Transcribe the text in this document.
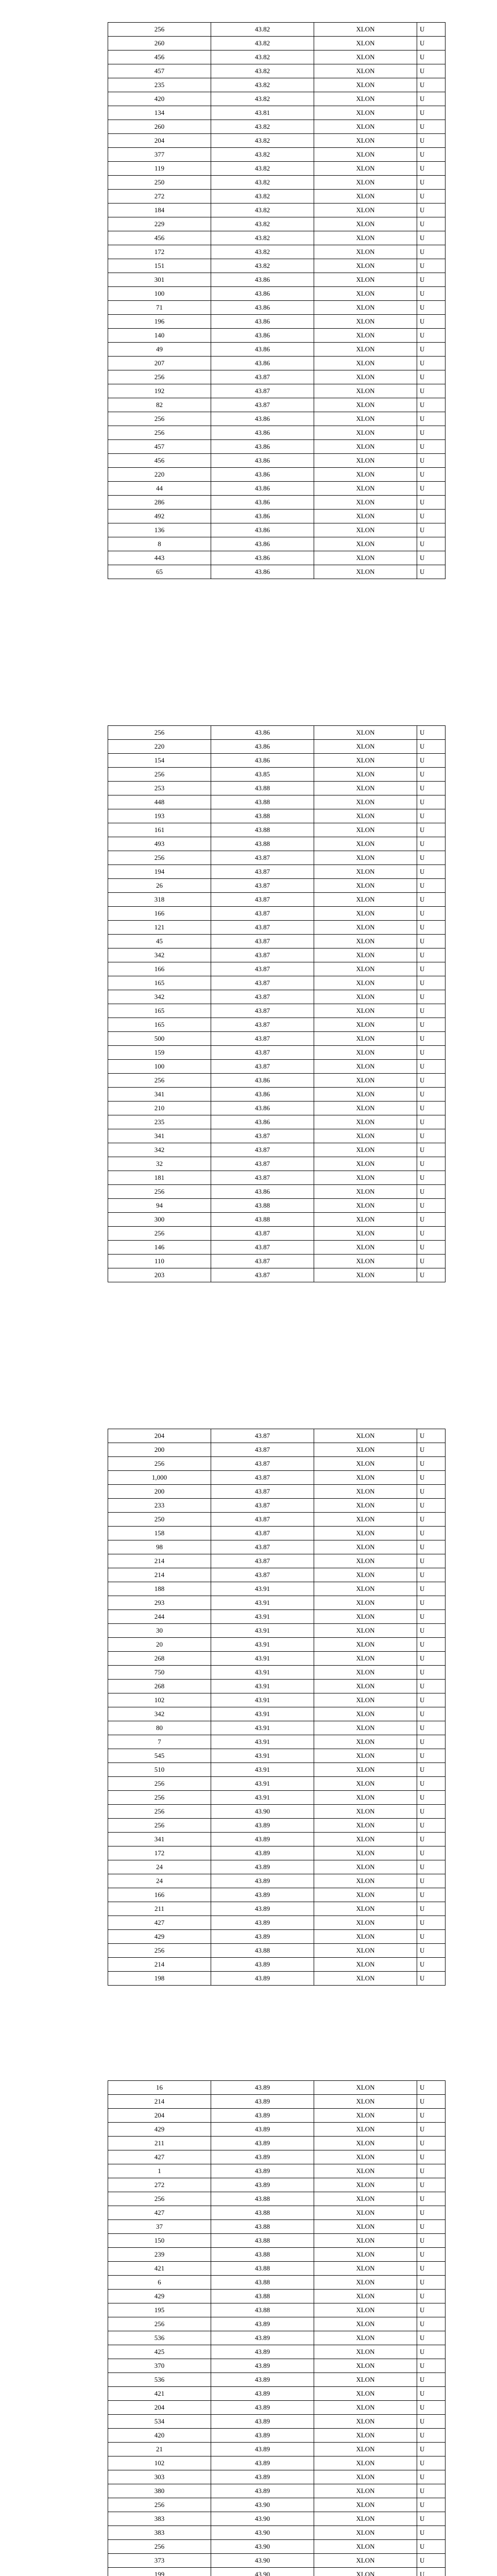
256	43.82	XLON	U
260	43.82	XLON	U
456	43.82	XLON	U
457	43.82	XLON	U
235	43.82	XLON	U
420	43.82	XLON	U
134	43.81	XLON	U
260	43.82	XLON	U
204	43.82	XLON	U
377	43.82	XLON	U
119	43.82	XLON	U
250	43.82	XLON	U
272	43.82	XLON	U
184	43.82	XLON	U
229	43.82	XLON	U
456	43.82	XLON	U
172	43.82	XLON	U
151	43.82	XLON	U
301	43.86	XLON	U
100	43.86	XLON	U
71	43.86	XLON	U
196	43.86	XLON	U
140	43.86	XLON	U
49	43.86	XLON	U
207	43.86	XLON	U
256	43.87	XLON	U
192	43.87	XLON	U
82	43.87	XLON	U
256	43.86	XLON	U
256	43.86	XLON	U
457	43.86	XLON	U
456	43.86	XLON	U
220	43.86	XLON	U
44	43.86	XLON	U
286	43.86	XLON	U
492	43.86	XLON	U
136	43.86	XLON	U
8	43.86	XLON	U
443	43.86	XLON	U
65	43.86	XLON	U
256	43.86	XLON	U
220	43.86	XLON	U
154	43.86	XLON	U
256	43.85	XLON	U
253	43.88	XLON	U
448	43.88	XLON	U
193	43.88	XLON	U
161	43.88	XLON	U
493	43.88	XLON	U
256	43.87	XLON	U
194	43.87	XLON	U
26	43.87	XLON	U
318	43.87	XLON	U
166	43.87	XLON	U
121	43.87	XLON	U
45	43.87	XLON	U
342	43.87	XLON	U
166	43.87	XLON	U
165	43.87	XLON	U
342	43.87	XLON	U
165	43.87	XLON	U
165	43.87	XLON	U
500	43.87	XLON	U
159	43.87	XLON	U
100	43.87	XLON	U
256	43.86	XLON	U
341	43.86	XLON	U
210	43.86	XLON	U
235	43.86	XLON	U
341	43.87	XLON	U
342	43.87	XLON	U
32	43.87	XLON	U
181	43.87	XLON	U
256	43.86	XLON	U
94	43.88	XLON	U
300	43.88	XLON	U
256	43.87	XLON	U
146	43.87	XLON	U
110	43.87	XLON	U
203	43.87	XLON	U
204	43.87	XLON	U
200	43.87	XLON	U
256	43.87	XLON	U
1,000	43.87	XLON	U
200	43.87	XLON	U
233	43.87	XLON	U
250	43.87	XLON	U
158	43.87	XLON	U
98	43.87	XLON	U
214	43.87	XLON	U
214	43.87	XLON	U
188	43.91	XLON	U
293	43.91	XLON	U
244	43.91	XLON	U
30	43.91	XLON	U
20	43.91	XLON	U
268	43.91	XLON	U
750	43.91	XLON	U
268	43.91	XLON	U
102	43.91	XLON	U
342	43.91	XLON	U
80	43.91	XLON	U
7	43.91	XLON	U
545	43.91	XLON	U
510	43.91	XLON	U
256	43.91	XLON	U
256	43.91	XLON	U
256	43.90	XLON	U
256	43.89	XLON	U
341	43.89	XLON	U
172	43.89	XLON	U
24	43.89	XLON	U
24	43.89	XLON	U
166	43.89	XLON	U
211	43.89	XLON	U
427	43.89	XLON	U
429	43.89	XLON	U
256	43.88	XLON	U
214	43.89	XLON	U
198	43.89	XLON	U
16	43.89	XLON	U
214	43.89	XLON	U
204	43.89	XLON	U
429	43.89	XLON	U
211	43.89	XLON	U
427	43.89	XLON	U
1	43.89	XLON	U
272	43.89	XLON	U
256	43.88	XLON	U
427	43.88	XLON	U
37	43.88	XLON	U
150	43.88	XLON	U
239	43.88	XLON	U
421	43.88	XLON	U
6	43.88	XLON	U
429	43.88	XLON	U
195	43.88	XLON	U
256	43.89	XLON	U
536	43.89	XLON	U
425	43.89	XLON	U
370	43.89	XLON	U
536	43.89	XLON	U
421	43.89	XLON	U
204	43.89	XLON	U
534	43.89	XLON	U
420	43.89	XLON	U
21	43.89	XLON	U
102	43.89	XLON	U
303	43.89	XLON	U
380	43.89	XLON	U
256	43.90	XLON	U
383	43.90	XLON	U
383	43.90	XLON	U
256	43.90	XLON	U
373	43.90	XLON	U
199	43.90	XLON	U
